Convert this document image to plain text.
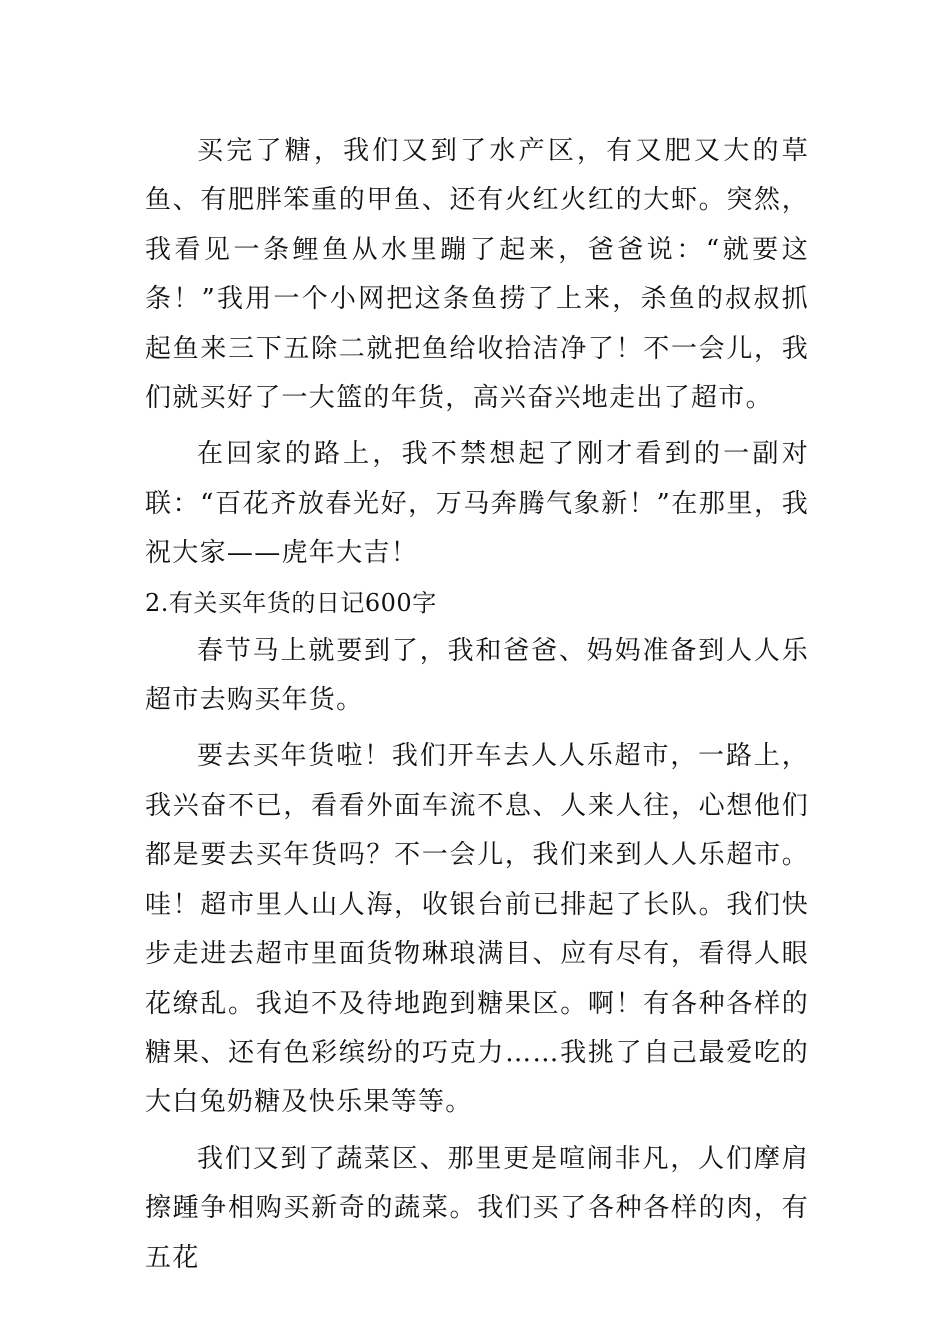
买完了糖，我们又到了水产区，有又肥又大的草鱼、有肥胖笨重的甲鱼、还有火红火红的大虾。突然，我看见一条鲤鱼从水里蹦了起来，爸爸说：“就要这条！”我用一个小网把这条鱼捞了上来，杀鱼的叔叔抓起鱼来三下五除二就把鱼给收拾洁净了！不一会儿，我们就买好了一大篮的年货，高兴奋兴地走出了超市。

在回家的路上，我不禁想起了刚才看到的一副对联：“百花齐放春光好，万马奔腾气象新！”在那里，我祝大家——虎年大吉！

2.有关买年货的日记600字

春节马上就要到了，我和爸爸、妈妈准备到人人乐超市去购买年货。

要去买年货啦！我们开车去人人乐超市，一路上，我兴奋不已，看看外面车流不息、人来人往，心想他们都是要去买年货吗？不一会儿，我们来到人人乐超市。哇！超市里人山人海，收银台前已排起了长队。我们快步走进去超市里面货物琳琅满目、应有尽有，看得人眼花缭乱。我迫不及待地跑到糖果区。啊！有各种各样的糖果、还有色彩缤纷的巧克力……我挑了自己最爱吃的大白兔奶糖及快乐果等等。

我们又到了蔬菜区、那里更是喧闹非凡，人们摩肩擦踵争相购买新奇的蔬菜。我们买了各种各样的肉，有五花
